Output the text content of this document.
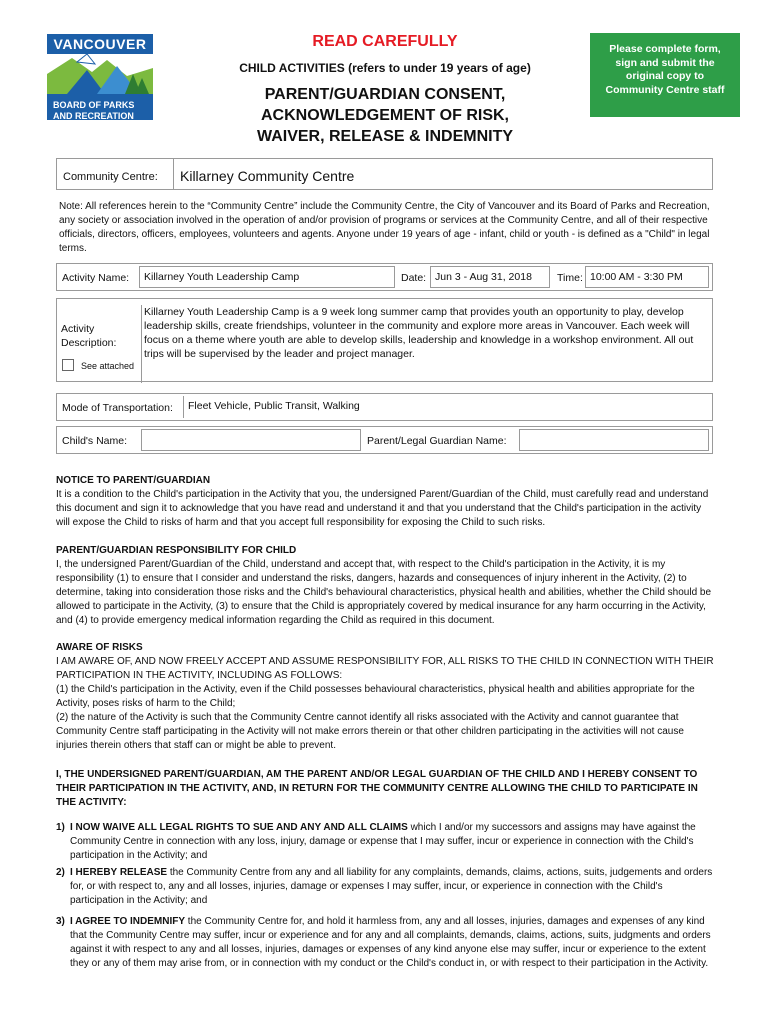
VANCOUVER
BOARD OF PARKS
AND RECREATION
READ CAREFULLY
CHILD ACTIVITIES (refers to under 19 years of age)
PARENT/GUARDIAN CONSENT,
ACKNOWLEDGEMENT OF RISK,
WAIVER, RELEASE & INDEMNITY
Please complete form, sign and submit the original copy to Community Centre staff
Community Centre:	Killarney Community Centre
Note: All references herein to the “Community Centre” include the Community Centre, the City of Vancouver and its Board of Parks and Recreation, any society or association involved in the operation of and/or provision of programs or services at the Community Centre, and all of their respective officials, directors, officers, employees, volunteers and agents. Anyone under 19 years of age - infant, child or youth - is defined as a "Child" in legal terms.
Activity Name:	Killarney Youth Leadership Camp	Date: Jun 3 - Aug 31, 2018	Time: 10:00 AM - 3:30 PM
Activity
Description:
See attached
Killarney Youth Leadership Camp is a 9 week long summer camp that provides youth an opportunity to play, develop leadership skills, create friendships, volunteer in the community and explore more areas in Vancouver. Each week will focus on a theme where youth are able to develop skills, leadership and knowledge in a workshop environment. All out trips will be supervised by the leader and project manager.
Mode of Transportation:	Fleet Vehicle, Public Transit, Walking
Child's Name:	Parent/Legal Guardian Name:
NOTICE TO PARENT/GUARDIAN
It is a condition to the Child's participation in the Activity that you, the undersigned Parent/Guardian of the Child, must carefully read and understand this document and sign it to acknowledge that you have read and understand it and that you understand that the Child's participation in the activity will expose the Child to risks of harm and that you accept full responsibility for exposing the Child to such risks.
PARENT/GUARDIAN RESPONSIBILITY FOR CHILD
I, the undersigned Parent/Guardian of the Child, understand and accept that, with respect to the Child's participation in the Activity, it is my responsibility (1) to ensure that I consider and understand the risks, dangers, hazards and consequences of injury inherent in the Activity, (2) to determine, taking into consideration those risks and the Child's behavioural characteristics, physical health and abilities, whether the Child should be allowed to participate in the Activity, (3) to ensure that the Child is appropriately covered by medical insurance for any harm occurring in the Activity, and (4) to provide emergency medical information regarding the Child as required in this document.
AWARE OF RISKS
I AM AWARE OF, AND NOW FREELY ACCEPT AND ASSUME RESPONSIBILITY FOR, ALL RISKS TO THE CHILD IN CONNECTION WITH THEIR PARTICIPATION IN THE ACTIVITY, INCLUDING AS FOLLOWS:
(1) the Child's participation in the Activity, even if the Child possesses behavioural characteristics, physical health and abilities appropriate for the Activity, poses risks of harm to the Child;
(2) the nature of the Activity is such that the Community Centre cannot identify all risks associated with the Activity and cannot guarantee that Community Centre staff participating in the Activity will not make errors therein or that other children participating in the activities will not cause injuries therein others that staff can or might be able to prevent.
I, THE UNDERSIGNED PARENT/GUARDIAN, AM THE PARENT AND/OR LEGAL GUARDIAN OF THE CHILD AND I HEREBY CONSENT TO THEIR PARTICIPATION IN THE ACTIVITY, AND, IN RETURN FOR THE COMMUNITY CENTRE ALLOWING THE CHILD TO PARTICIPATE IN THE ACTIVITY:
1) I NOW WAIVE ALL LEGAL RIGHTS TO SUE AND ANY AND ALL CLAIMS which I and/or my successors and assigns may have against the Community Centre in connection with any loss, injury, damage or expense that I may suffer, incur or experience in connection with the Child's participation in the Activity; and
2) I HEREBY RELEASE the Community Centre from any and all liability for any complaints, demands, claims, actions, suits, judgements and orders for, or with respect to, any and all losses, injuries, damage or expenses I may suffer, incur, or experience in connection with the Child's participation in the Activity; and
3) I AGREE TO INDEMNIFY the Community Centre for, and hold it harmless from, any and all losses, injuries, damages and expenses of any kind that the Community Centre may suffer, incur or experience and for any and all complaints, demands, claims, actions, suits, judgments and orders against it with respect to any and all losses, injuries, damages or expenses of any kind anyone else may suffer, incur or experience to the extent they or any of them may arise from, or in connection with my conduct or the Child's conduct in, or with respect to their participation in the Activity.
